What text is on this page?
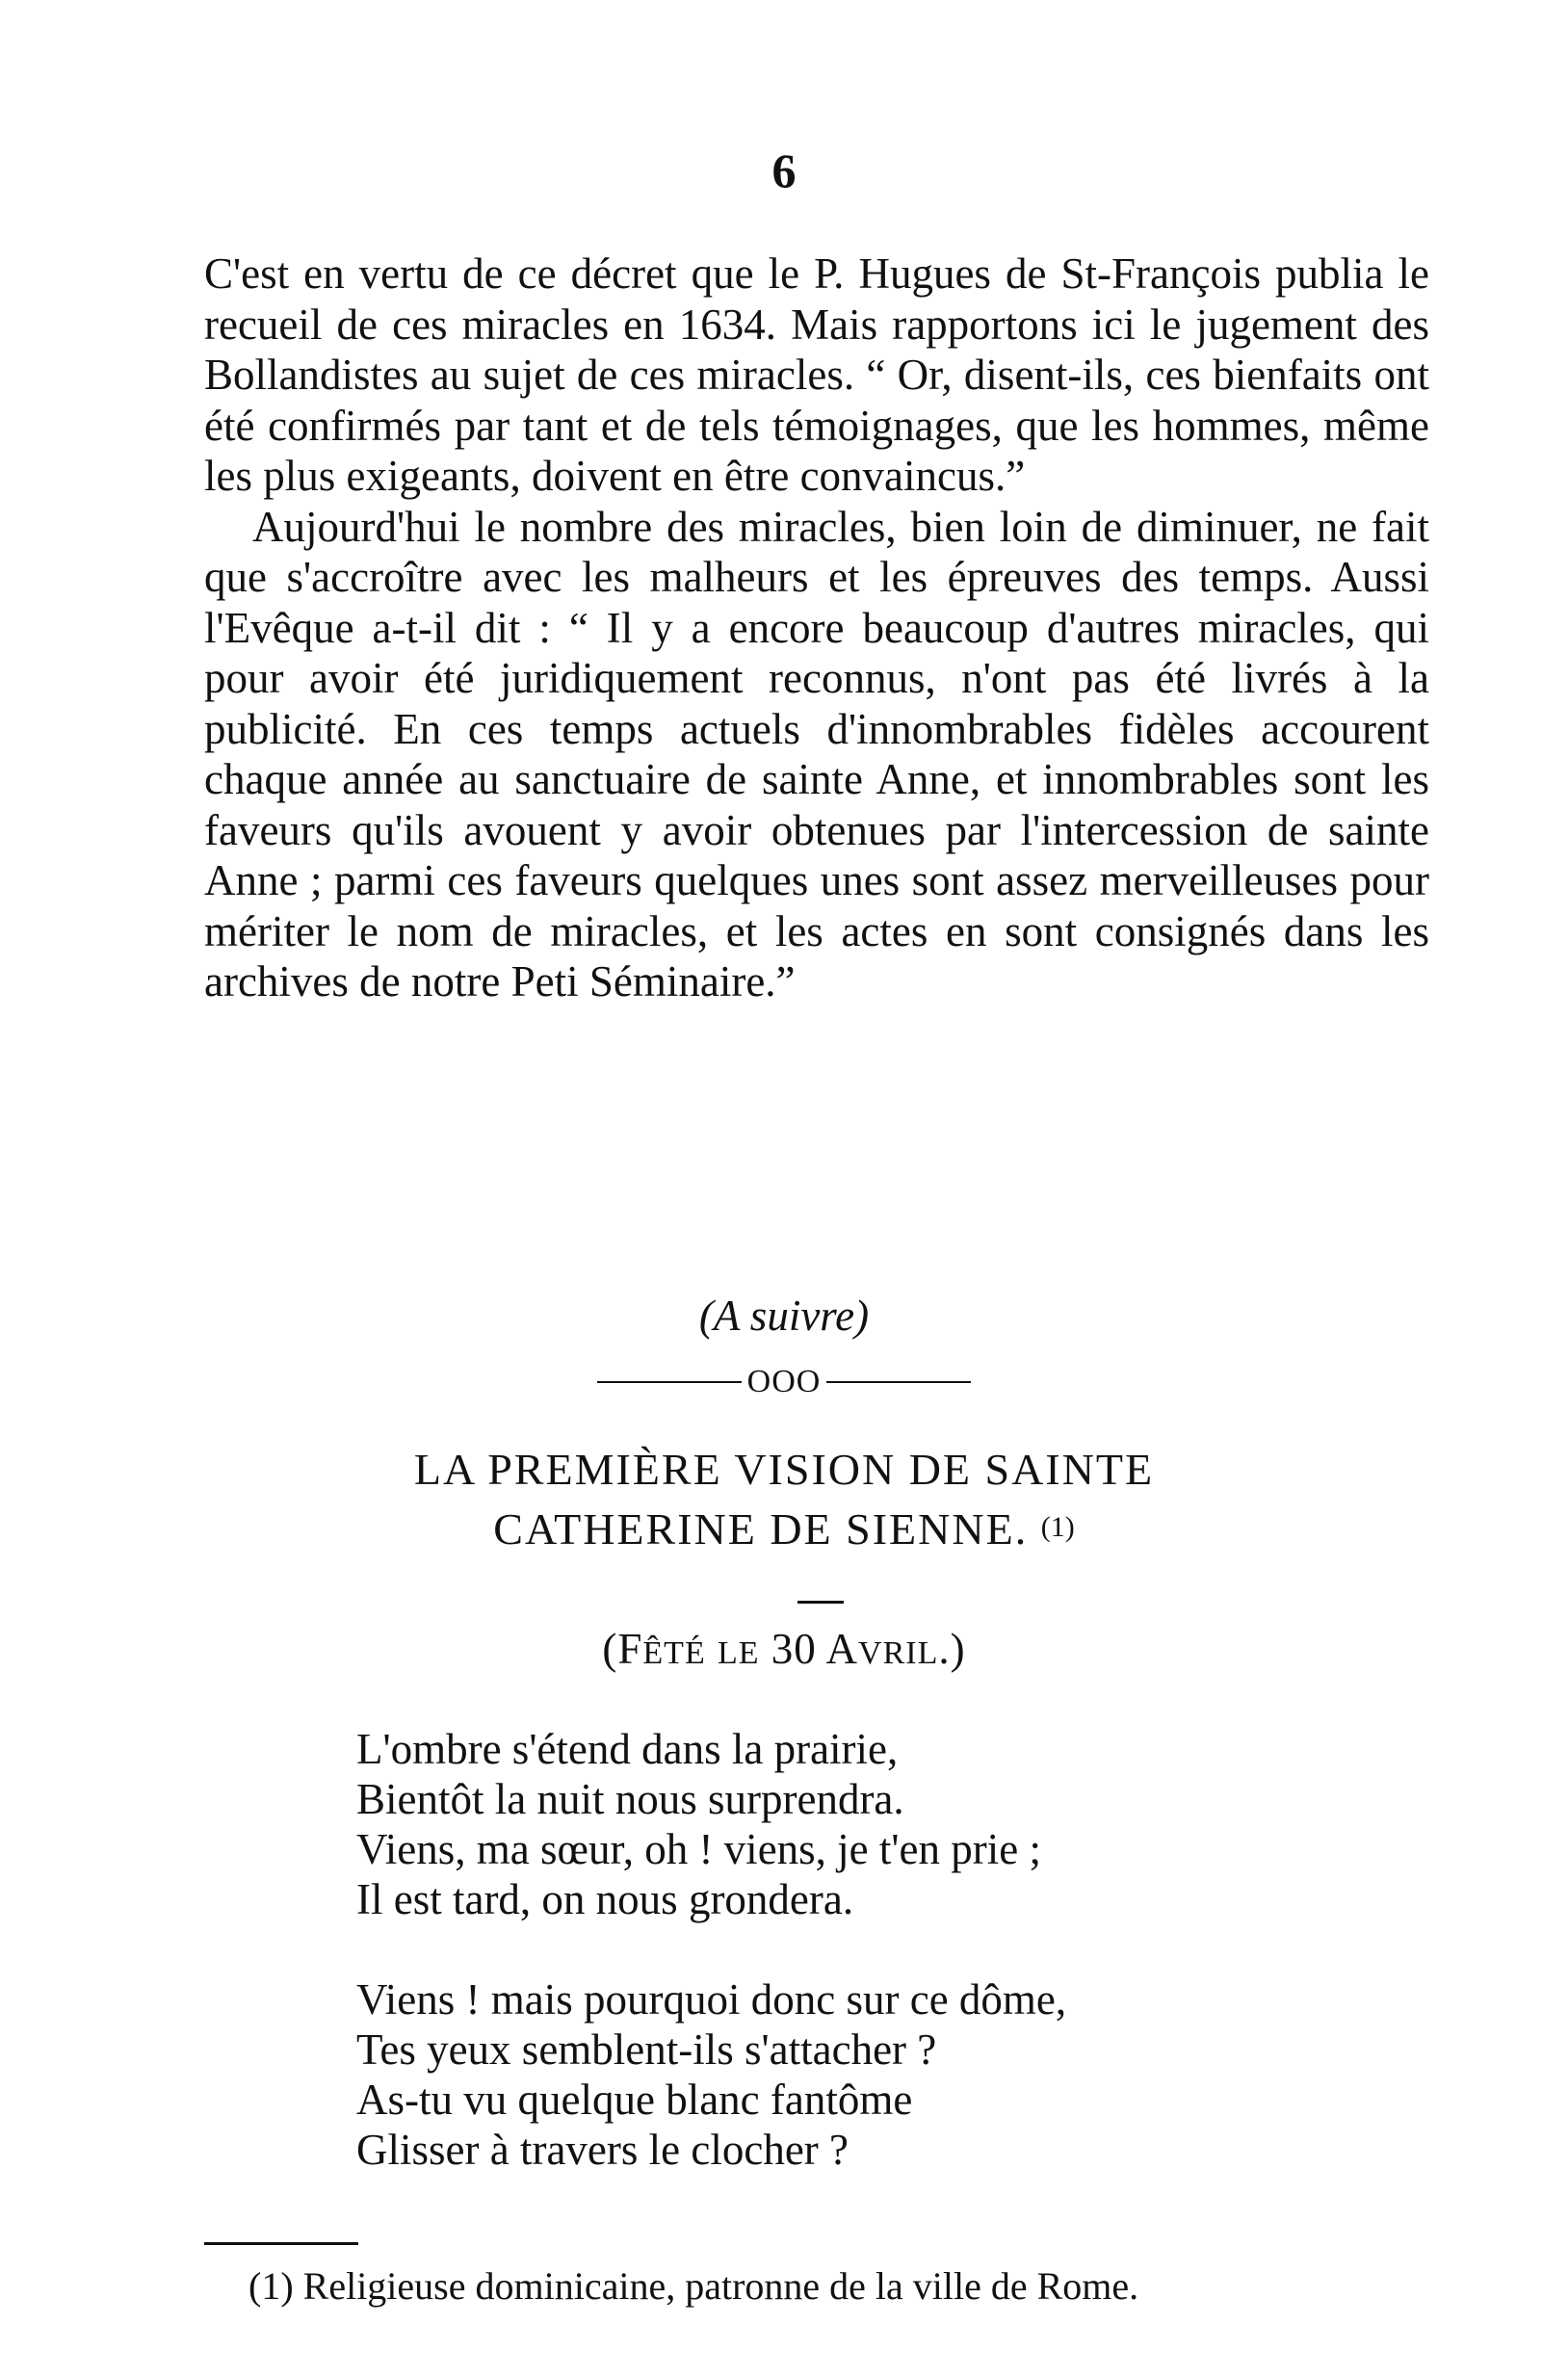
6

C'est en vertu de ce décret que le P. Hugues de St-François publia le recueil de ces miracles en 1634. Mais rapportons ici le jugement des Bollandistes au sujet de ces miracles. “ Or, disent-ils, ces bienfaits ont été confirmés par tant et de tels témoignages, que les hommes, même les plus exigeants, doivent en être convaincus.”

Aujourd'hui le nombre des miracles, bien loin de diminuer, ne fait que s'accroître avec les malheurs et les épreuves des temps. Aussi l'Evêque a-t-il dit : “ Il y a encore beaucoup d'autres miracles, qui pour avoir été juridiquement reconnus, n'ont pas été livrés à la publicité. En ces temps actuels d'innombrables fidèles accourent chaque année au sanctuaire de sainte Anne, et innombrables sont les faveurs qu'ils avouent y avoir obtenues par l'intercession de sainte Anne ; parmi ces faveurs quelques unes sont assez merveilleuses pour mériter le nom de miracles, et les actes en sont consignés dans les archives de notre Peti Séminaire.”

(A suivre)
OOO
LA PREMIÈRE VISION DE SAINTE
CATHERINE DE SIENNE. (1)
(FÊTÉ LE 30 AVRIL.)
L'ombre s'étend dans la prairie,
Bientôt la nuit nous surprendra.
Viens, ma sœur, oh ! viens, je t'en prie ;
Il est tard, on nous grondera.
Viens ! mais pourquoi donc sur ce dôme,
Tes yeux semblent-ils s'attacher ?
As-tu vu quelque blanc fantôme
Glisser à travers le clocher ?
(1) Religieuse dominicaine, patronne de la ville de Rome.
